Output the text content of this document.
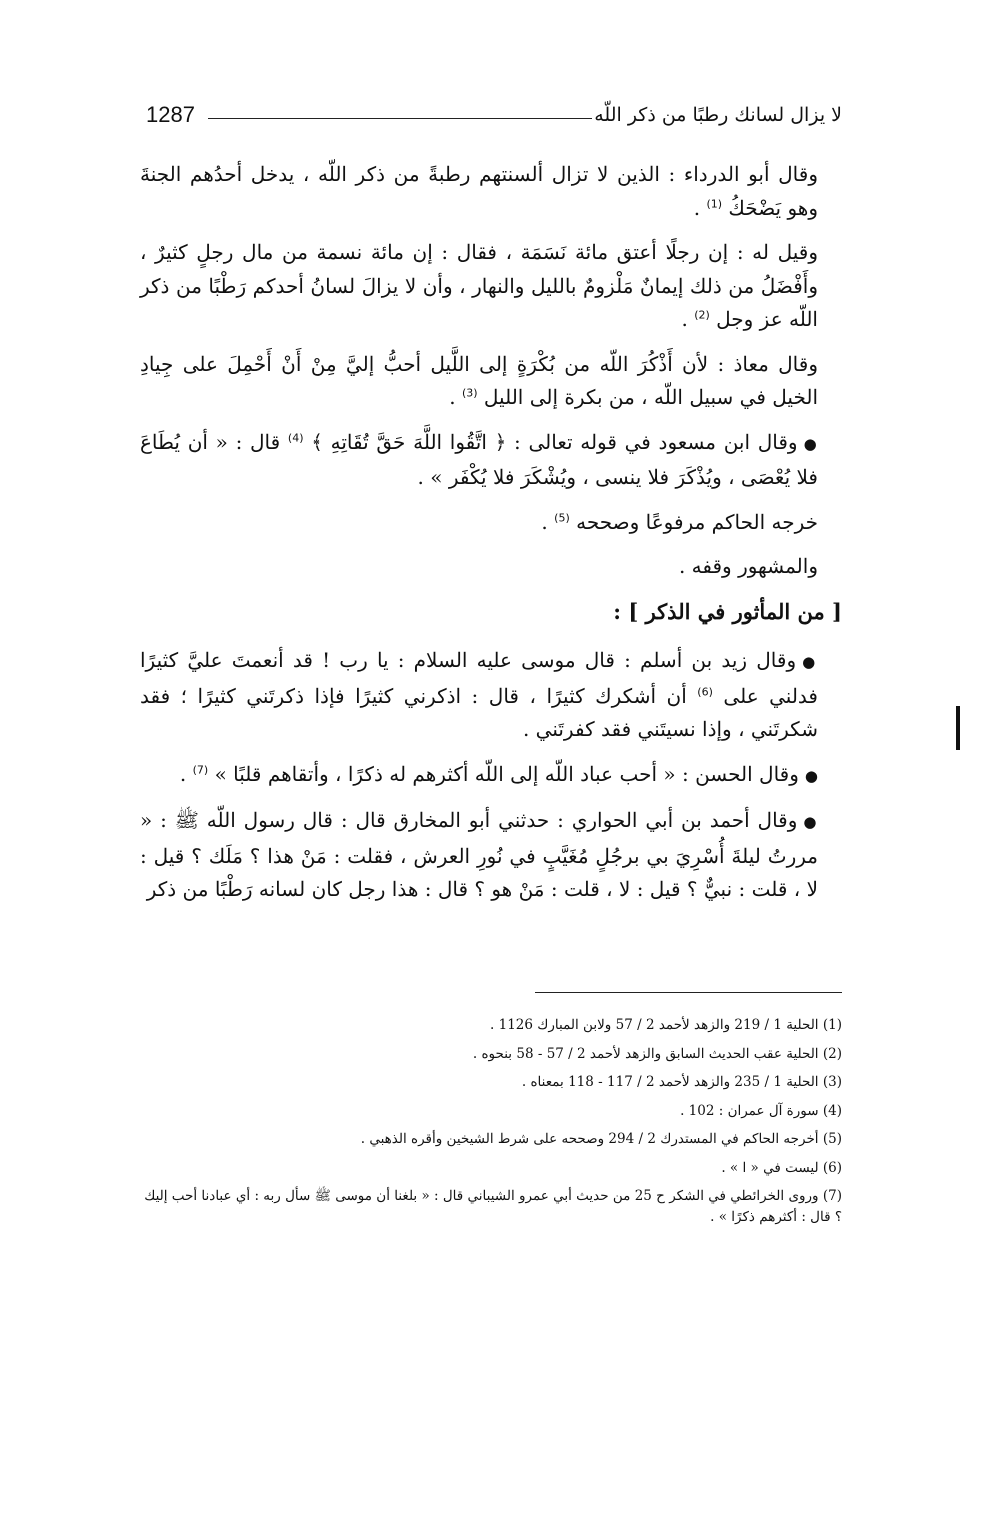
1287	لا يزال لسانك رطبًا من ذكر اللّه

وقال أبو الدرداء : الذين لا تزال ألسنتهم رطبةً من ذكر اللّه ، يدخل أحدُهم الجنةَ وهو يَضْحَكُ $^{(1)}$ .

وقيل له : إن رجلًا أعتق مائة نَسَمَة ، فقال : إن مائة نسمة من مال رجلٍ كثيرٌ ، وأَفْضَلُ من ذلك إيمانٌ مَلْزومٌ بالليل والنهار ، وأن لا يزالَ لسانُ أحدكم رَطْبًا من ذكر اللّه عز وجل $^{(2)}$ .

وقال معاذ : لأن أَذْكُرَ اللّه من بُكْرَةٍ إلى اللَّيل أحبُّ إليَّ مِنْ أَنْ أَحْمِلَ على جِيادِ الخيل في سبيل اللّه ، من بكرة إلى الليل $^{(3)}$ .

●وقال ابن مسعود في قوله تعالى : ﴿ اتَّقُوا اللَّهَ حَقَّ تُقَاتِهِ ﴾ $^{(4)}$ قال : « أن يُطَاعَ فلا يُعْصَى ، ويُذْكَرَ فلا ينسى ، ويُشْكَرَ فلا يُكْفَر » .

خرجه الحاكم مرفوعًا وصححه $^{(5)}$ .

والمشهور وقفه .

[ من المأثور في الذكر ] :

●وقال زيد بن أسلم : قال موسى عليه السلام : يا رب ! قد أنعمتَ عليَّ كثيرًا فدلني على $^{(6)}$ أن أشكرك كثيرًا ، قال : اذكرني كثيرًا فإذا ذكرتَني كثيرًا ؛ فقد شكرتَني ، وإذا نسيتَني فقد كفرتَني .

●وقال الحسن : « أحب عباد اللّه إلى اللّه أكثرهم له ذكرًا ، وأتقاهم قلبًا » $^{(7)}$ .

●وقال أحمد بن أبي الحواري : حدثني أبو المخارق قال : قال رسول اللّه ﷺ : « مررتُ ليلةَ أُسْرِيَ بي برجُلٍ مُغَيَّبٍ في نُورِ العرش ، فقلت : مَنْ هذا ؟ مَلَك ؟ قيل : لا ، قلت : نبيٌّ ؟ قيل : لا ، قلت : مَنْ هو ؟ قال : هذا رجل كان لسانه رَطْبًا من ذكر

(1) الحلية 1 / 219 والزهد لأحمد 2 / 57 ولابن المبارك 1126 .

(2) الحلية عقب الحديث السابق والزهد لأحمد 2 / 57 - 58 بنحوه .

(3) الحلية 1 / 235 والزهد لأحمد 2 / 117 - 118 بمعناه .

(4) سورة آل عمران : 102 .

(5) أخرجه الحاكم في المستدرك 2 / 294 وصححه على شرط الشيخين وأقره الذهبي .

(6) ليست في « ا » .

(7) وروى الخرائطي في الشكر ح 25 من حديث أبي عمرو الشيباني قال : « بلغنا أن موسى ﷺ سأل ربه : أي عبادنا أحب إليك ؟ قال : أكثرهم ذكرًا » .
